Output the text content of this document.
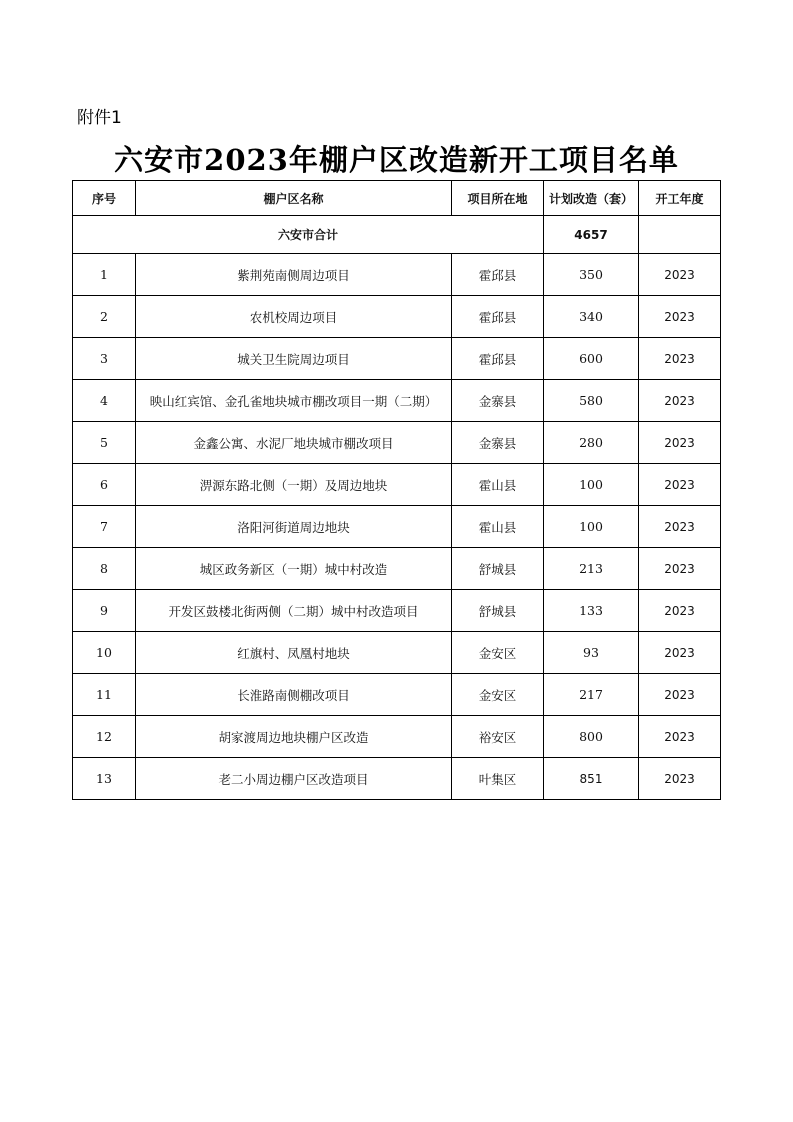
附件1
六安市2023年棚户区改造新开工项目名单
序号	棚户区名称	项目所在地	计划改造（套）	开工年度
六安市合计			4657	
1	紫荆苑南侧周边项目	霍邱县	350	2023
2	农机校周边项目	霍邱县	340	2023
3	城关卫生院周边项目	霍邱县	600	2023
4	映山红宾馆、金孔雀地块城市棚改项目一期（二期）	金寨县	580	2023
5	金鑫公寓、水泥厂地块城市棚改项目	金寨县	280	2023
6	淠源东路北侧（一期）及周边地块	霍山县	100	2023
7	洛阳河街道周边地块	霍山县	100	2023
8	城区政务新区（一期）城中村改造	舒城县	213	2023
9	开发区鼓楼北街两侧（二期）城中村改造项目	舒城县	133	2023
10	红旗村、凤凰村地块	金安区	93	2023
11	长淮路南侧棚改项目	金安区	217	2023
12	胡家渡周边地块棚户区改造	裕安区	800	2023
13	老二小周边棚户区改造项目	叶集区	851	2023
